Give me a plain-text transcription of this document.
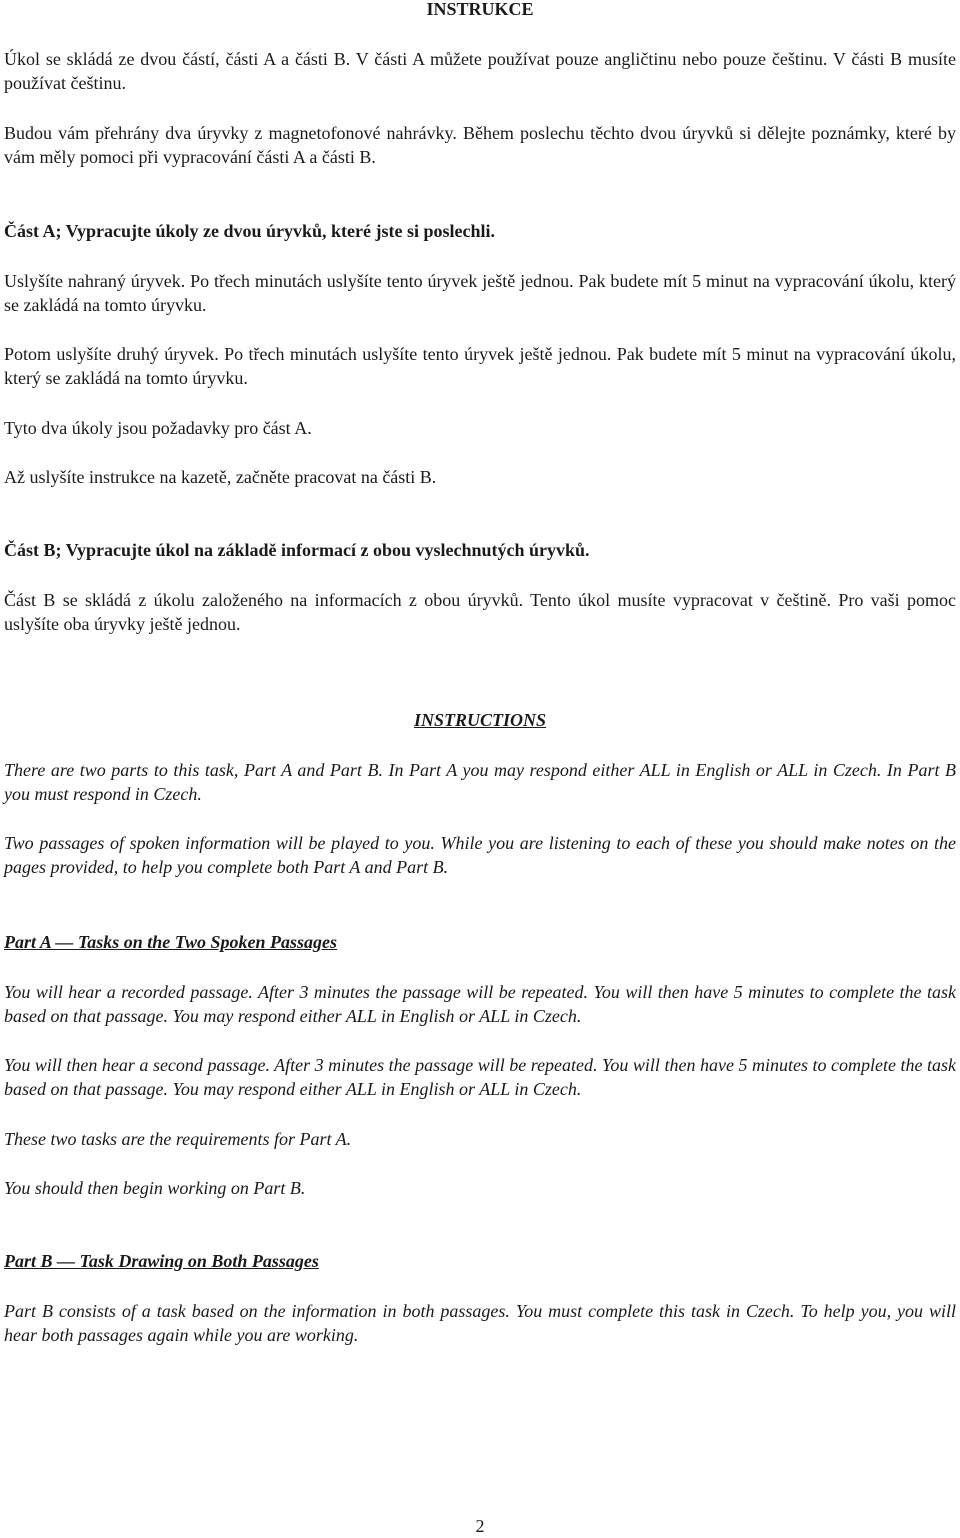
INSTRUKCE

Úkol se skládá ze dvou částí, části A a části B. V části A můžete používat pouze angličtinu nebo pouze češtinu. V části B musíte používat češtinu.

Budou vám přehrány dva úryvky z magnetofonové nahrávky. Během poslechu těchto dvou úryvků si dělejte poznámky, které by vám měly pomoci při vypracování části A a části B.

Část A; Vypracujte úkoly ze dvou úryvků, které jste si poslechli.

Uslyšíte nahraný úryvek. Po třech minutách uslyšíte tento úryvek ještě jednou. Pak budete mít 5 minut na vypracování úkolu, který se zakládá na tomto úryvku.

Potom uslyšíte druhý úryvek. Po třech minutách uslyšíte tento úryvek ještě jednou. Pak budete mít 5 minut na vypracování úkolu, který se zakládá na tomto úryvku.

Tyto dva úkoly jsou požadavky pro část A.

Až uslyšíte instrukce na kazetě, začněte pracovat na části B.

Část B; Vypracujte úkol na základě informací z obou vyslechnutých úryvků.

Část B se skládá z úkolu založeného na informacích z obou úryvků. Tento úkol musíte vypracovat v češtině. Pro vaši pomoc uslyšíte oba úryvky ještě jednou.

INSTRUCTIONS

There are two parts to this task, Part A and Part B. In Part A you may respond either ALL in English or ALL in Czech. In Part B you must respond in Czech.

Two passages of spoken information will be played to you. While you are listening to each of these you should make notes on the pages provided, to help you complete both Part A and Part B.

Part A — Tasks on the Two Spoken Passages

You will hear a recorded passage. After 3 minutes the passage will be repeated. You will then have 5 minutes to complete the task based on that passage. You may respond either ALL in English or ALL in Czech.

You will then hear a second passage. After 3 minutes the passage will be repeated. You will then have 5 minutes to complete the task based on that passage. You may respond either ALL in English or ALL in Czech.

These two tasks are the requirements for Part A.

You should then begin working on Part B.

Part B — Task Drawing on Both Passages

Part B consists of a task based on the information in both passages. You must complete this task in Czech. To help you, you will hear both passages again while you are working.

2
